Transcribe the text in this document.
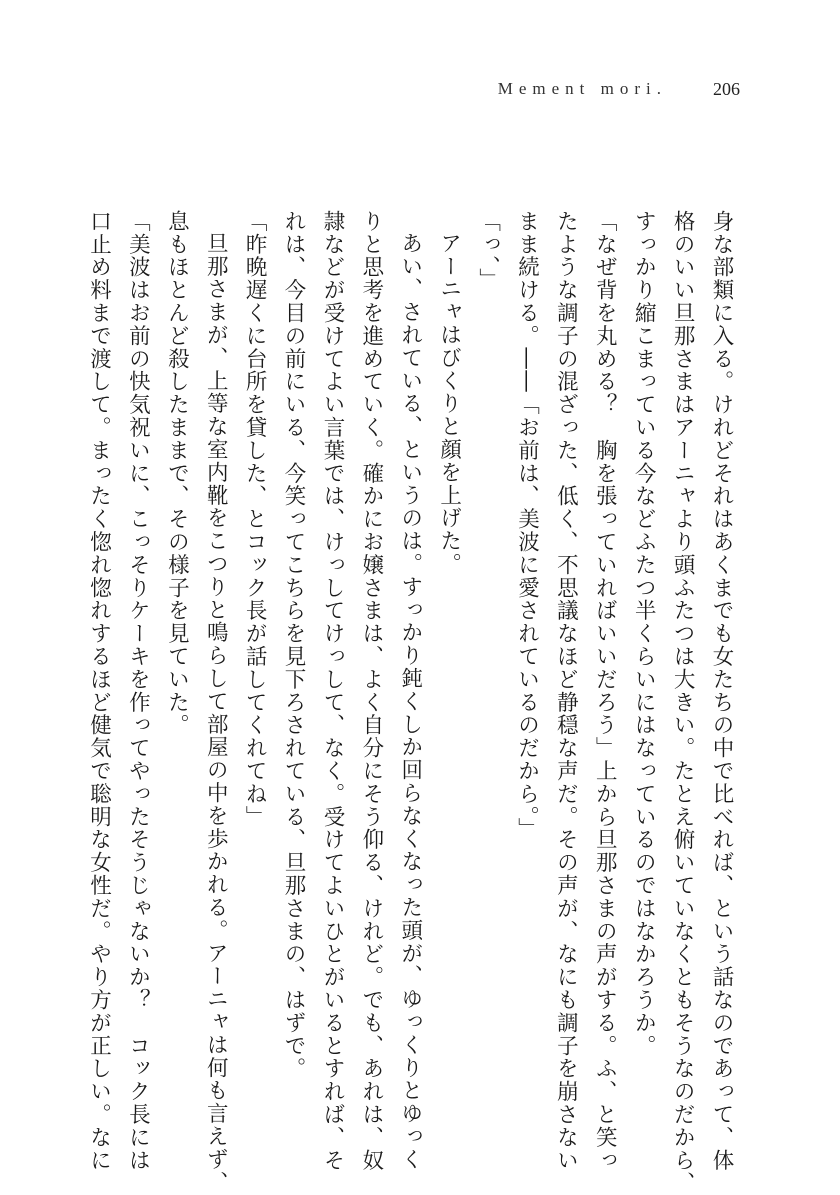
Mement mori.	206

身な部類に入る。けれどそれはあくまでも女たちの中で比べれば、という話なのであって、体

格のいい旦那さまはアーニャより頭ふたつは大きい。たとえ俯いていなくともそうなのだから、

すっかり縮こまっている今などふたつ半くらいにはなっているのではなかろうか。

「なぜ背を丸める？　胸を張っていればいいだろう」上から旦那さまの声がする。ふ、と笑っ

たような調子の混ざった、低く、不思議なほど静穏な声だ。その声が、なにも調子を崩さない

まま続ける。――「お前は、美波に愛されているのだから。」

「っ、」

アーニャはびくりと顔を上げた。

あい、されている、というのは。すっかり鈍くしか回らなくなった頭が、ゆっくりとゆっく

りと思考を進めていく。確かにお嬢さまは、よく自分にそう仰る、けれど。でも、あれは、奴

隷などが受けてよい言葉では、けっしてけっして、なく。受けてよいひとがいるとすれば、そ

れは、今目の前にいる、今笑ってこちらを見下ろされている、旦那さまの、はずで。

「昨晩遅くに台所を貸した、とコック長が話してくれてね」

旦那さまが、上等な室内靴をこつりと鳴らして部屋の中を歩かれる。アーニャは何も言えず、

息もほとんど殺したままで、その様子を見ていた。

「美波はお前の快気祝いに、こっそりケーキを作ってやったそうじゃないか？　コック長には

口止め料まで渡して。まったく惚れ惚れするほど健気で聡明な女性だ。やり方が正しい。なに
